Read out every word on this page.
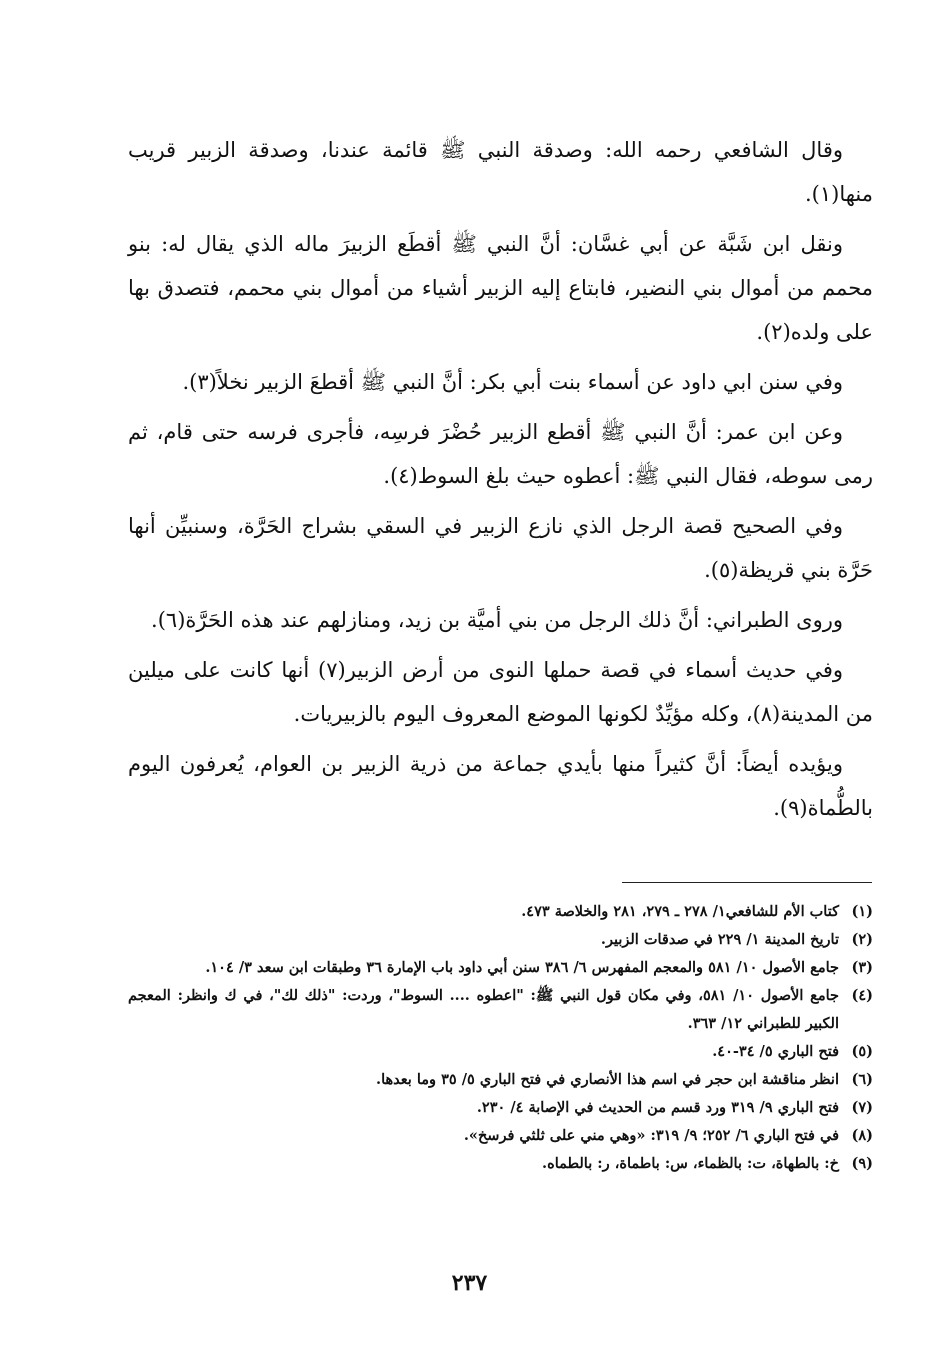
وقال الشافعي رحمه الله: وصدقة النبي ﷺ قائمة عندنا، وصدقة الزبير قريب منها(١).

ونقل ابن شَبَّة عن أبي غسَّان: أنَّ النبي ﷺ أقطَع الزبيرَ ماله الذي يقال له: بنو محمم من أموال بني النضير، فابتاع إليه الزبير أشياء من أموال بني محمم، فتصدق بها على ولده(٢).

وفي سنن ابي داود عن أسماء بنت أبي بكر: أنَّ النبي ﷺ أقطعَ الزبير نخلاً(٣).

وعن ابن عمر: أنَّ النبي ﷺ أقطع الزبير حُضْرَ فرسِه، فأجرى فرسه حتى قام، ثم رمى سوطه، فقال النبي ﷺ: أعطوه حيث بلغ السوط(٤).

وفي الصحيح قصة الرجل الذي نازع الزبير في السقي بشراج الحَرَّة، وسنبيِّن أنها حَرَّة بني قريظة(٥).

وروى الطبراني: أنَّ ذلك الرجل من بني أميَّة بن زيد، ومنازلهم عند هذه الحَرَّة(٦).

وفي حديث أسماء في قصة حملها النوى من أرض الزبير(٧) أنها كانت على ميلين من المدينة(٨)، وكله مؤيِّدٌ لكونها الموضع المعروف اليوم بالزبيريات.

ويؤيده أيضاً: أنَّ كثيراً منها بأيدي جماعة من ذرية الزبير بن العوام، يُعرفون اليوم بالطُّماة(٩).

(١)
كتاب الأم للشافعي١/ ٢٧٨ ـ ٢٧٩، ٢٨١ والخلاصة ٤٧٣.
(٢)
تاريخ المدينة ١/ ٢٢٩ في صدقات الزبير.
(٣)
جامع الأصول ١٠/ ٥٨١ والمعجم المفهرس ٦/ ٣٨٦ سنن أبي داود باب الإمارة ٣٦ وطبقات ابن سعد ٣/ ١٠٤.
(٤)
جامع الأصول ١٠/ ٥٨١، وفي مكان قول النبي ﷺ: "اعطوه .... السوط"، وردت: "ذلك لك"، في ك وانظر: المعجم الكبير للطبراني ١٢/ ٣٦٣.
(٥)
فتح الباري ٥/ ٣٤-٤٠.
(٦)
انظر مناقشة ابن حجر في اسم هذا الأنصاري في فتح الباري ٥/ ٣٥ وما بعدها.
(٧)
فتح الباري ٩/ ٣١٩ ورد قسم من الحديث في الإصابة ٤/ ٢٣٠.
(٨)
في فتح الباري ٦/ ٢٥٢؛ ٩/ ٣١٩: «وهي مني على ثلثي فرسخ».
(٩)
خ: بالطهاة، ت: بالظماء، س: باطماة، ر: بالطماه.
٢٣٧
